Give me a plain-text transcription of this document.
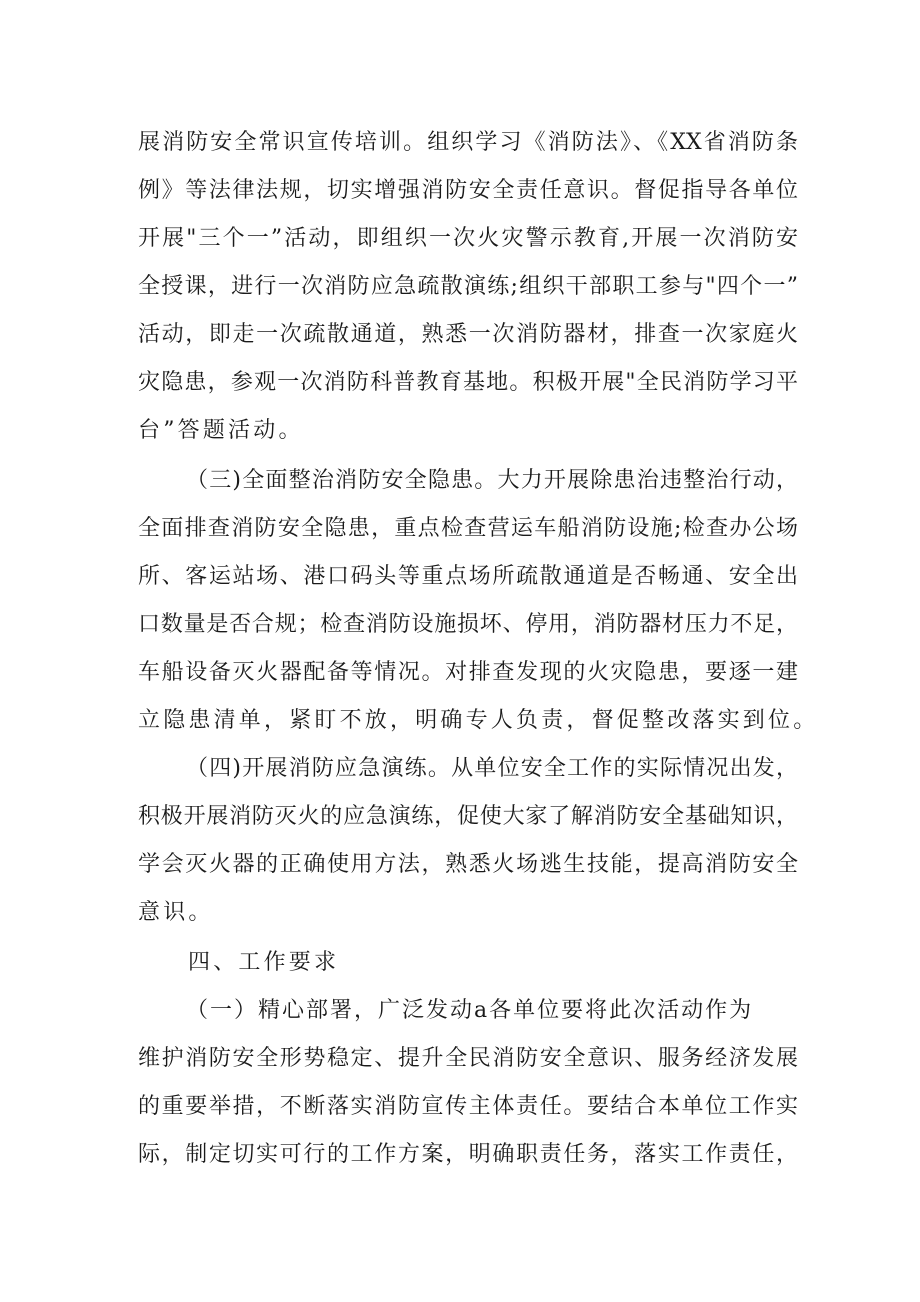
展消防安全常识宣传培训。组织学习《消防法》、《XX省消防条
例》等法律法规，切实增强消防安全责任意识。督促指导各单位
开展"三个一”活动，即组织一次火灾警示教育,开展一次消防安
全授课，进行一次消防应急疏散演练;组织干部职工参与"四个一”
活动，即走一次疏散通道，熟悉一次消防器材，排查一次家庭火
灾隐患，参观一次消防科普教育基地。积极开展"全民消防学习平
台”答题活动。
（三)全面整治消防安全隐患。大力开展除患治违整治行动，
全面排查消防安全隐患，重点检查营运车船消防设施;检查办公场
所、客运站场、港口码头等重点场所疏散通道是否畅通、安全出
口数量是否合规；检查消防设施损坏、停用，消防器材压力不足，
车船设备灭火器配备等情况。对排查发现的火灾隐患，要逐一建
立隐患清单，紧盯不放，明确专人负责，督促整改落实到位。
（四)开展消防应急演练。从单位安全工作的实际情况出发，
积极开展消防灭火的应急演练，促使大家了解消防安全基础知识，
学会灭火器的正确使用方法，熟悉火场逃生技能，提高消防安全
意识。
四、工作要求
（一）精心部署，广泛发动a各单位要将此次活动作为
维护消防安全形势稳定、提升全民消防安全意识、服务经济发展
的重要举措，不断落实消防宣传主体责任。要结合本单位工作实
际，制定切实可行的工作方案，明确职责任务，落实工作责任，
